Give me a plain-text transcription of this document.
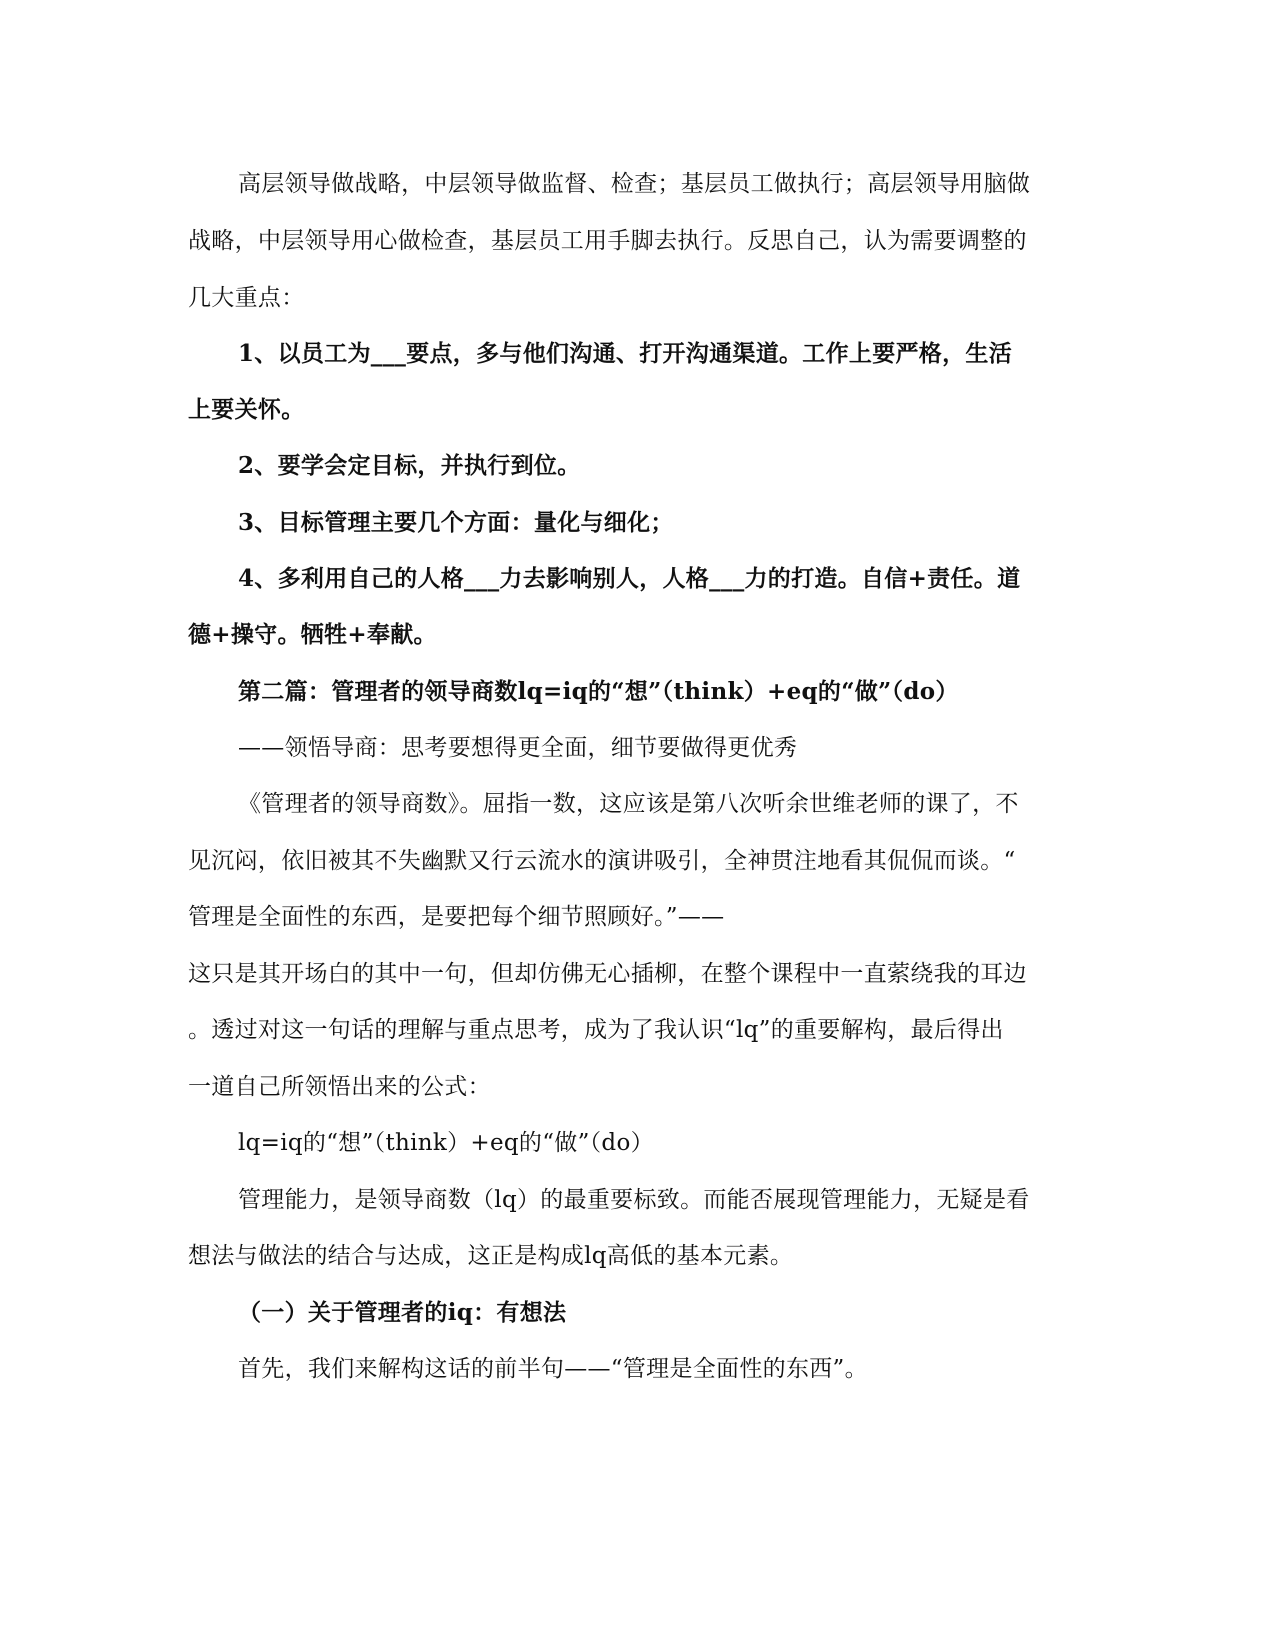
高层领导做战略，中层领导做监督、检查；基层员工做执行；高层领导用脑做
战略，中层领导用心做检查，基层员工用手脚去执行。反思自己，认为需要调整的
几大重点：
1、以员工为___要点，多与他们沟通、打开沟通渠道。工作上要严格，生活
上要关怀。
2、要学会定目标，并执行到位。
3、目标管理主要几个方面：量化与细化；
4、多利用自己的人格___力去影响别人，人格___力的打造。自信+责任。道
德+操守。牺牲+奉献。
第二篇：管理者的领导商数lq=iq的“想”（think）+eq的“做”（do）
——领悟导商：思考要想得更全面，细节要做得更优秀
《管理者的领导商数》。屈指一数，这应该是第八次听余世维老师的课了，不
见沉闷，依旧被其不失幽默又行云流水的演讲吸引，全神贯注地看其侃侃而谈。“
管理是全面性的东西，是要把每个细节照顾好。”——
这只是其开场白的其中一句，但却仿佛无心插柳，在整个课程中一直萦绕我的耳边
。透过对这一句话的理解与重点思考，成为了我认识“lq”的重要解构，最后得出
一道自己所领悟出来的公式：
lq=iq的“想”（think）+eq的“做”（do）
管理能力，是领导商数（lq）的最重要标致。而能否展现管理能力，无疑是看
想法与做法的结合与达成，这正是构成lq高低的基本元素。
（一）关于管理者的iq：有想法
首先，我们来解构这话的前半句——“管理是全面性的东西”。
